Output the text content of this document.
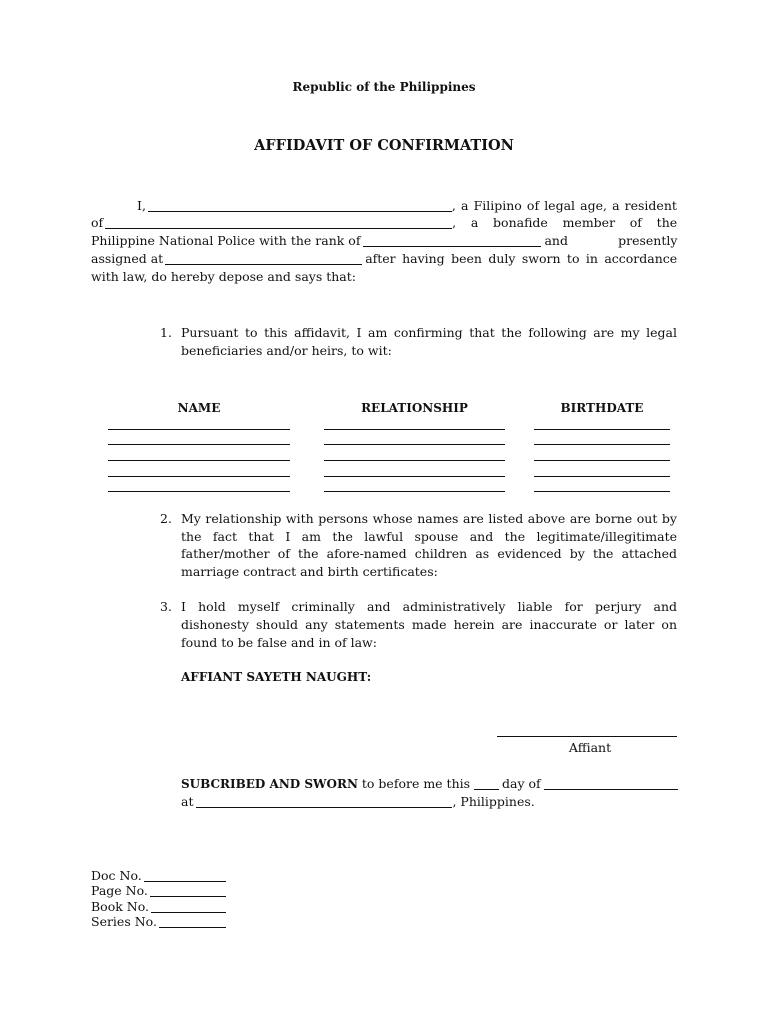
Republic of the Philippines
AFFIDAVIT OF CONFIRMATION
I,	, a Filipino of legal age, a resident
of	, a bonafide member of the
Philippine National Police with the rank of	and presently
assigned at	after having been duly sworn to in accordance
with law, do hereby depose and says that:
1. Pursuant to this affidavit, I am confirming that the following are my legal
beneficiaries and/or heirs, to wit:
NAME	RELATIONSHIP	BIRTHDATE
2. My relationship with persons whose names are listed above are borne out by
the fact that I am the lawful spouse and the legitimate/illegitimate
father/mother of the afore-named children as evidenced by the attached
marriage contract and birth certificates:
3. I hold myself criminally and administratively liable for perjury and
dishonesty should any statements made herein are inaccurate or later on
found to be false and in of law:
AFFIANT SAYETH NAUGHT:
Affiant
SUBCRIBED AND SWORN to before me this	day of
at	, Philippines.
Doc No.
Page No.
Book No.
Series No.
